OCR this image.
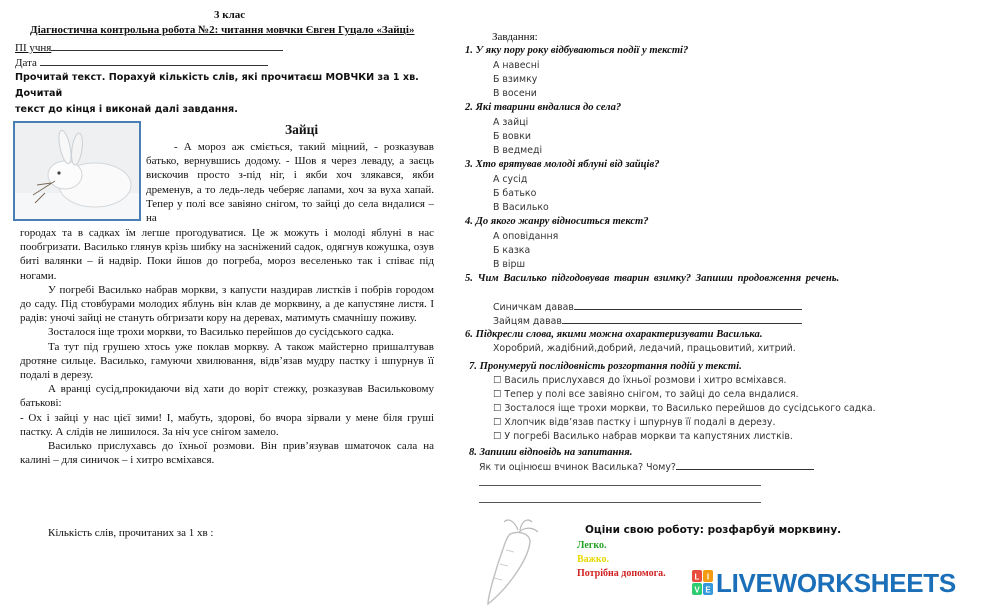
3 клас
Діагностична контрольна робота №2: читання мовчки Євген Гуцало «Зайці»
ПІ учня
Дата
Прочитай текст. Порахуй кількість слів, які прочитаєш МОВЧКИ за 1 хв. Дочитай
текст до кінця і виконай далі завдання.
Зайці

- А мороз аж сміється, такий міцний, - розказував батько, вернувшись додому. - Шов я через леваду, а заєць вискочив просто з-під ніг, і якби хоч злякався, якби дременув, а то ледь-ледь чеберяє лапами, хоч за вуха хапай. Тепер у полі все завіяно снігом, то зайці до села вндалися – на

городах та в садках їм легше прогодуватися. Це ж можуть і молоді яблуні в нас пообгризати. Василько глянув крізь шибку на засніжений садок, одягнув кожушка, озув биті валянки – й надвір. Поки йшов до погреба, мороз веселенько так і співає під ногами.

У погребі Василько набрав моркви, з капусти наздирав листків і побрів городом до саду. Під стовбурами молодих яблунь він клав де морквину, а де капустяне листя. І радів: уночі зайці не стануть обгризати кору на деревах, матимуть смачнішу поживу.

Зосталося іще трохи моркви, то Василько перейшов до сусідського садка.

Та тут під грушею хтось уже поклав моркву. А також майстерно пришалтував дротяне сильце. Василько, гамуючи хвилювання, відв’язав мудру пастку і шпурнув її подалі в дерезу.

А вранці сусід,прокидаючи від хати до воріт стежку, розказував Васильковому батькові:

- Ох і зайці у нас цієї зими! І, мабуть, здорові, бо вчора зірвали у мене біля груші пастку. А слідів не лишилося. За ніч усе снігом замело.

Василько прислухавсь до їхньої розмови. Він прив’язував шматочок сала на калині – для синичок – і хитро всміхався.

Кількість слів, прочитаних за 1 хв :
Завдання:
1. У яку пору року відбуваються події у тексті?
А навесні
Б взимку
В восени
2. Які тварини вндалися до села?
А зайці
Б вовки
В ведмеді
3. Хто врятував молоді яблуні від зайців?
А сусід
Б батько
В Василько
4. До якого жанру відноситься текст?
А оповідання
Б казка
В вірш
5. Чим Василько підгодовував тварин взимку? Запиши продовження речень.
Синичкам давав
Зайцям давав
6. Підкресли слова, якими можна охарактеризувати Василька.
Хоробрий, жадібний,добрий, ледачий, працьовитий, хитрий.
7. Пронумеруй послідовність розгортання подій у тексті.
☐ Василь прислухався до їхньої розмови і хитро всміхався.
☐ Тепер у полі все завіяно снігом, то зайці до села вндалися.
☐ Зосталося іще трохи моркви, то Василько перейшов до сусідського садка.
☐ Хлопчик відв’язав пастку і шпурнув її подалі в дерезу.
☐ У погребі Василько набрав моркви та капустяних листків.
8. Запиши відповідь на запитання.
Як ти оцінюєш вчинок Василька? Чому?
Оціни свою роботу: розфарбуй морквину.
Легко.
Важко.
Потрібна допомога.	L I
V E LIVEWORKSHEETS
